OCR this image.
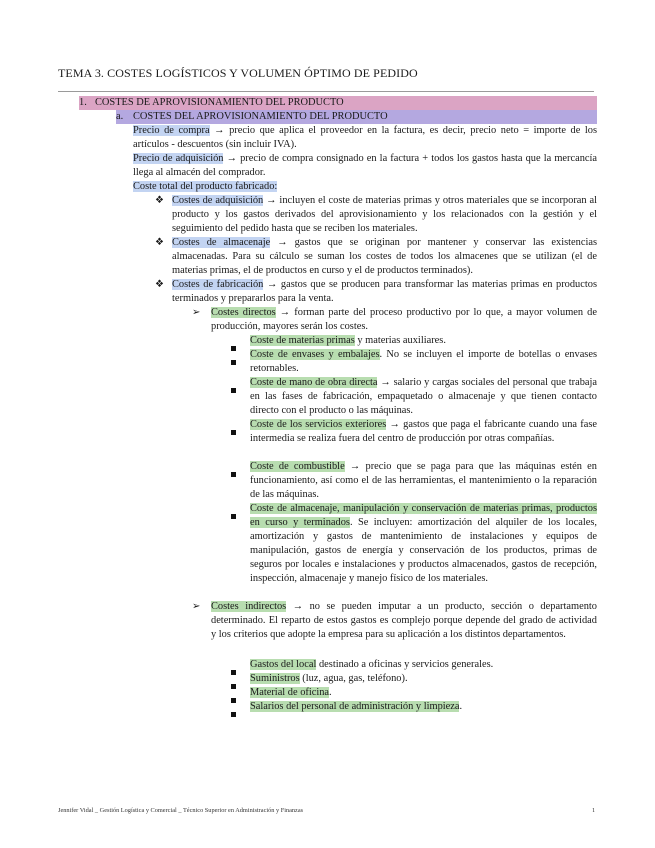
TEMA 3. COSTES LOGÍSTICOS Y VOLUMEN ÓPTIMO DE PEDIDO
1. COSTES DE APROVISIONAMIENTO DEL PRODUCTO
a. COSTES DEL APROVISIONAMIENTO DEL PRODUCTO
Precio de compra → precio que aplica el proveedor en la factura, es decir, precio neto = importe de los artículos - descuentos (sin incluir IVA).
Precio de adquisición → precio de compra consignado en la factura + todos los gastos hasta que la mercancía llega al almacén del comprador.
Coste total del producto fabricado:
❖ Costes de adquisición → incluyen el coste de materias primas y otros materiales que se incorporan al producto y los gastos derivados del aprovisionamiento y los relacionados con la gestión y el seguimiento del pedido hasta que se reciben los materiales.
❖ Costes de almacenaje → gastos que se originan por mantener y conservar las existencias almacenadas. Para su cálculo se suman los costes de todos los almacenes que se utilizan (el de materias primas, el de productos en curso y el de productos terminados).
❖ Costes de fabricación → gastos que se producen para transformar las materias primas en productos terminados y prepararlos para la venta.
➢ Costes directos → forman parte del proceso productivo por lo que, a mayor volumen de producción, mayores serán los costes.
Coste de materias primas y materias auxiliares.
Coste de envases y embalajes. No se incluyen el importe de botellas o envases retornables.
Coste de mano de obra directa → salario y cargas sociales del personal que trabaja en las fases de fabricación, empaquetado o almacenaje y que tienen contacto directo con el producto o las máquinas.
Coste de los servicios exteriores → gastos que paga el fabricante cuando una fase intermedia se realiza fuera del centro de producción por otras compañías.
Coste de combustible → precio que se paga para que las máquinas estén en funcionamiento, así como el de las herramientas, el mantenimiento o la reparación de las máquinas.
Coste de almacenaje, manipulación y conservación de materias primas, productos en curso y terminados. Se incluyen: amortización del alquiler de los locales, amortización y gastos de mantenimiento de instalaciones y equipos de manipulación, gastos de energía y conservación de los productos, primas de seguros por locales e instalaciones y productos almacenados, gastos de recepción, inspección, almacenaje y manejo físico de los materiales.
➢ Costes indirectos → no se pueden imputar a un producto, sección o departamento determinado. El reparto de estos gastos es complejo porque depende del grado de actividad y los criterios que adopte la empresa para su aplicación a los distintos departamentos.
Gastos del local destinado a oficinas y servicios generales.
Suministros (luz, agua, gas, teléfono).
Material de oficina.
Salarios del personal de administración y limpieza.
Jennifer Vidal _ Gestión Logística y Comercial _ Técnico Superior en Administración y Finanzas	1
